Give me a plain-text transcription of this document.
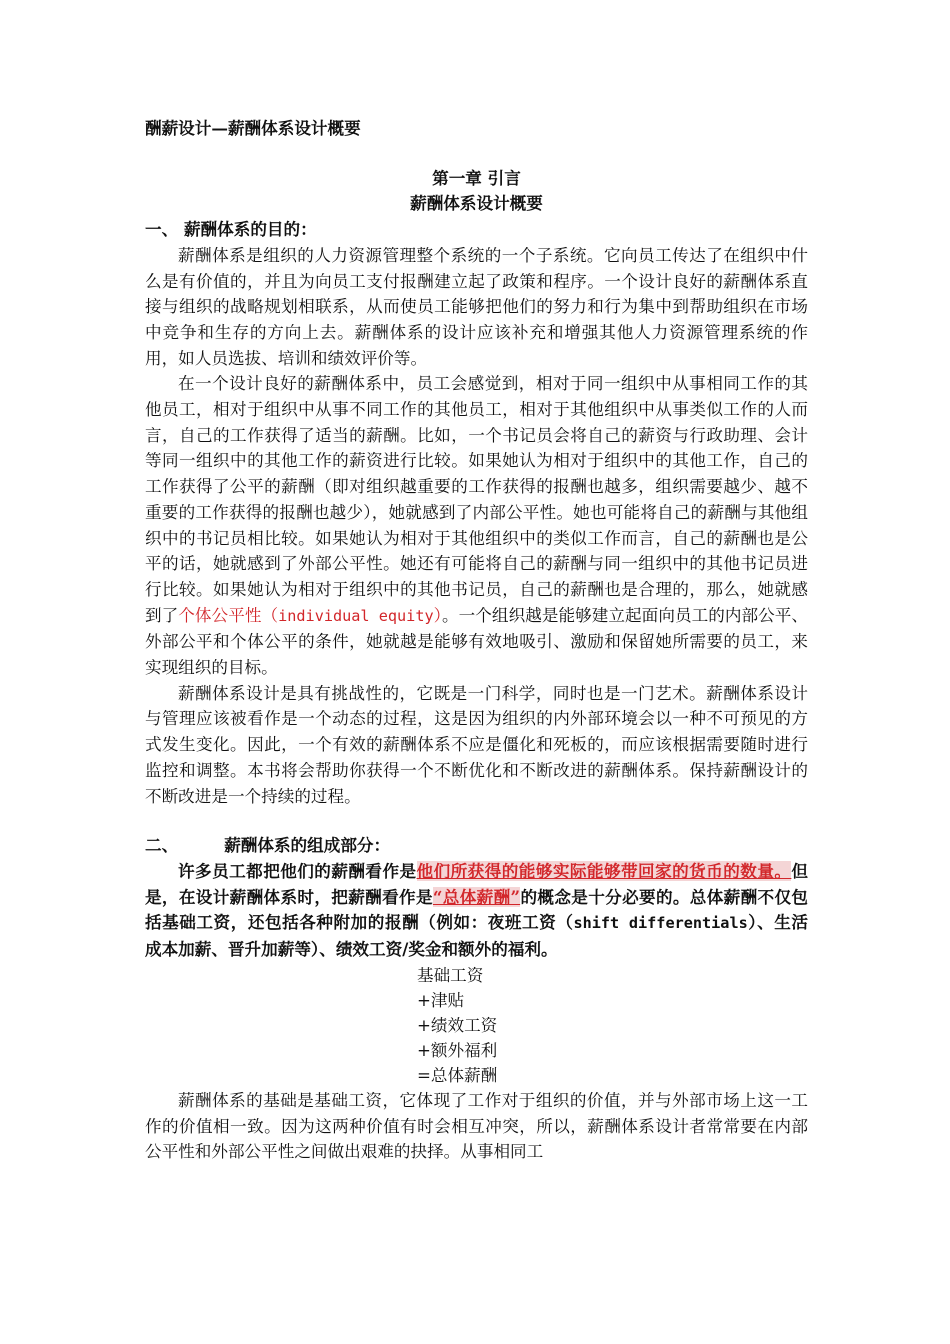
酬薪设计—薪酬体系设计概要
第一章 引言
薪酬体系设计概要
一、 薪酬体系的目的：

薪酬体系是组织的人力资源管理整个系统的一个子系统。它向员工传达了在组织中什么是有价值的，并且为向员工支付报酬建立起了政策和程序。一个设计良好的薪酬体系直接与组织的战略规划相联系，从而使员工能够把他们的努力和行为集中到帮助组织在市场中竞争和生存的方向上去。薪酬体系的设计应该补充和增强其他人力资源管理系统的作用，如人员选拔、培训和绩效评价等。

在一个设计良好的薪酬体系中，员工会感觉到，相对于同一组织中从事相同工作的其他员工，相对于组织中从事不同工作的其他员工，相对于其他组织中从事类似工作的人而言，自己的工作获得了适当的薪酬。比如，一个书记员会将自己的薪资与行政助理、会计等同一组织中的其他工作的薪资进行比较。如果她认为相对于组织中的其他工作，自己的工作获得了公平的薪酬（即对组织越重要的工作获得的报酬也越多，组织需要越少、越不重要的工作获得的报酬也越少），她就感到了内部公平性。她也可能将自己的薪酬与其他组织中的书记员相比较。如果她认为相对于其他组织中的类似工作而言，自己的薪酬也是公平的话，她就感到了外部公平性。她还有可能将自己的薪酬与同一组织中的其他书记员进行比较。如果她认为相对于组织中的其他书记员，自己的薪酬也是合理的，那么，她就感到了个体公平性（individual equity）。一个组织越是能够建立起面向员工的内部公平、外部公平和个体公平的条件，她就越是能够有效地吸引、激励和保留她所需要的员工，来实现组织的目标。

薪酬体系设计是具有挑战性的，它既是一门科学，同时也是一门艺术。薪酬体系设计与管理应该被看作是一个动态的过程，这是因为组织的内外部环境会以一种不可预见的方式发生变化。因此，一个有效的薪酬体系不应是僵化和死板的，而应该根据需要随时进行监控和调整。本书将会帮助你获得一个不断优化和不断改进的薪酬体系。保持薪酬设计的不断改进是一个持续的过程。

二、	薪酬体系的组成部分：

许多员工都把他们的薪酬看作是他们所获得的能够实际能够带回家的货币的数量。但是，在设计薪酬体系时，把薪酬看作是“总体薪酬”的概念是十分必要的。总体薪酬不仅包括基础工资，还包括各种附加的报酬（例如：夜班工资（shift differentials）、生活成本加薪、晋升加薪等）、绩效工资/奖金和额外的福利。

基础工资
+津贴
+绩效工资
+额外福利
=总体薪酬

薪酬体系的基础是基础工资，它体现了工作对于组织的价值，并与外部市场上这一工作的价值相一致。因为这两种价值有时会相互冲突，所以，薪酬体系设计者常常要在内部公平性和外部公平性之间做出艰难的抉择。从事相同工
